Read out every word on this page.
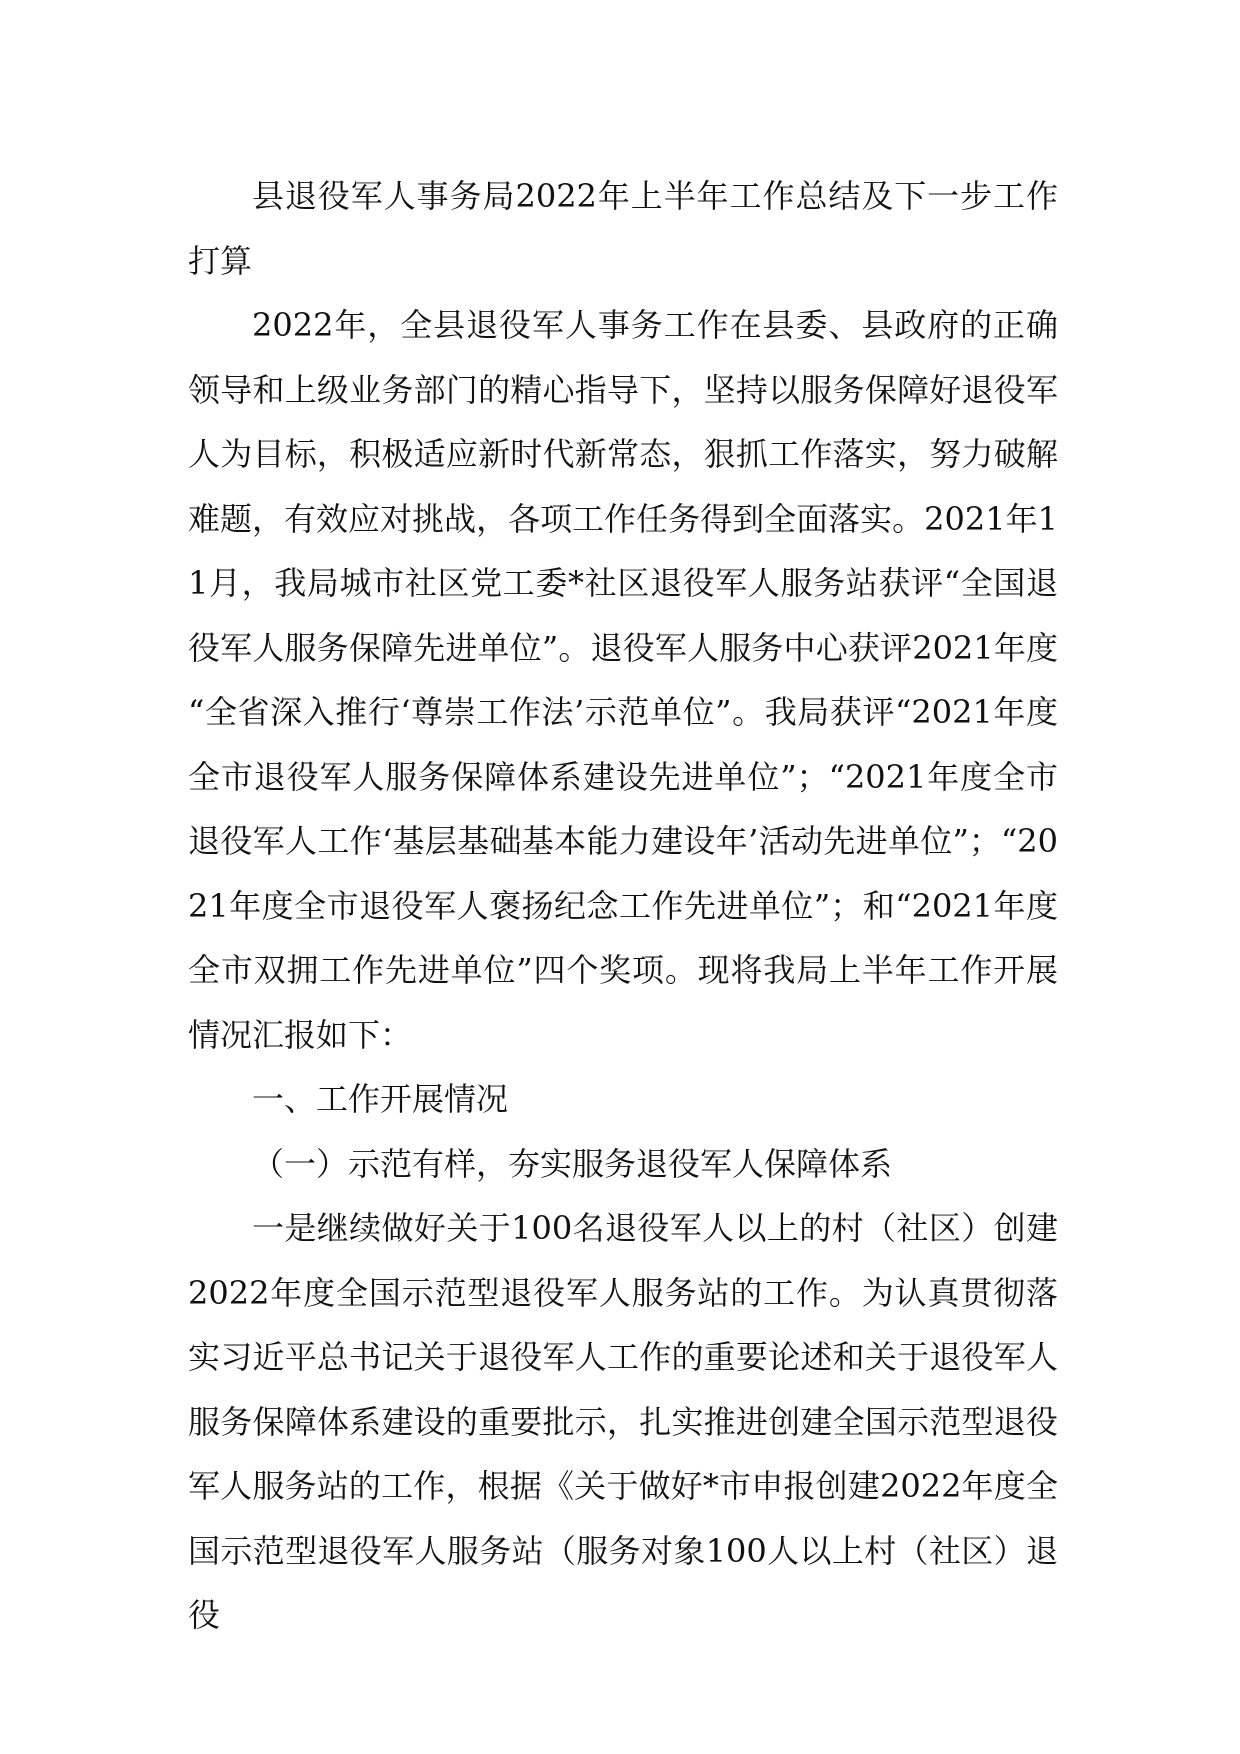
县退役军人事务局2022年上半年工作总结及下一步工作打算

2022年，全县退役军人事务工作在县委、县政府的正确领导和上级业务部门的精心指导下，坚持以服务保障好退役军人为目标，积极适应新时代新常态，狠抓工作落实，努力破解难题，有效应对挑战，各项工作任务得到全面落实。2021年11月，我局城市社区党工委*社区退役军人服务站获评“全国退役军人服务保障先进单位”。退役军人服务中心获评2021年度“全省深入推行‘尊崇工作法’示范单位”。我局获评“2021年度全市退役军人服务保障体系建设先进单位”；“2021年度全市退役军人工作‘基层基础基本能力建设年’活动先进单位”；“2021年度全市退役军人褒扬纪念工作先进单位”；和“2021年度全市双拥工作先进单位”四个奖项。现将我局上半年工作开展情况汇报如下：

一、工作开展情况

（一）示范有样，夯实服务退役军人保障体系

一是继续做好关于100名退役军人以上的村（社区）创建2022年度全国示范型退役军人服务站的工作。为认真贯彻落实习近平总书记关于退役军人工作的重要论述和关于退役军人服务保障体系建设的重要批示，扎实推进创建全国示范型退役军人服务站的工作，根据《关于做好*市申报创建2022年度全国示范型退役军人服务站（服务对象100人以上村（社区）退役
